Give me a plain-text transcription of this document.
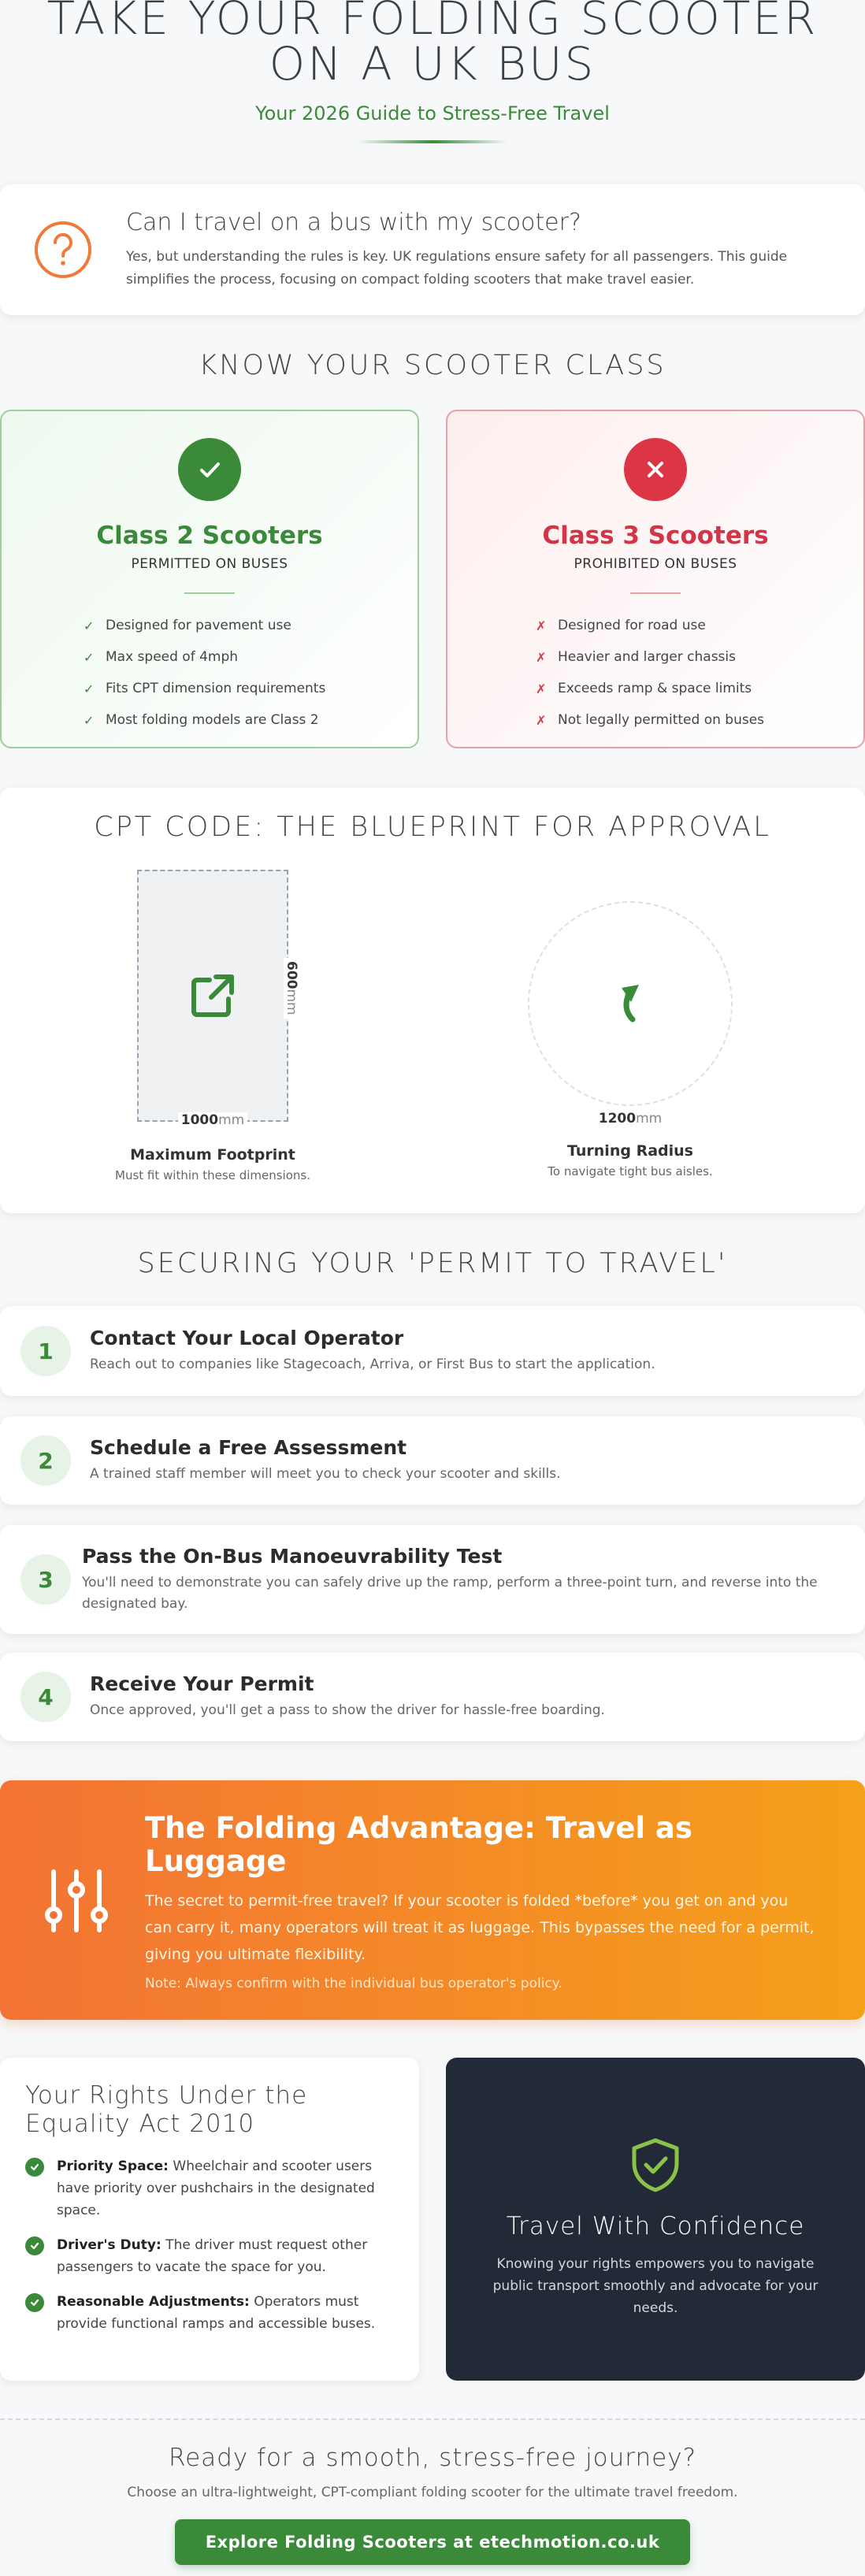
TAKE YOUR FOLDING SCOOTER
ON A UK BUS
Your 2026 Guide to Stress-Free Travel
Can I travel on a bus with my scooter?
Yes, but understanding the rules is key. UK regulations ensure safety for all passengers. This guide simplifies the process, focusing on compact folding scooters that make travel easier.
KNOW YOUR SCOOTER CLASS
Class 2 Scooters
PERMITTED ON BUSES
✓ Designed for pavement use
✓ Max speed of 4mph
✓ Fits CPT dimension requirements
✓ Most folding models are Class 2
Class 3 Scooters
PROHIBITED ON BUSES
✗ Designed for road use
✗ Heavier and larger chassis
✗ Exceeds ramp & space limits
✗ Not legally permitted on buses
CPT CODE: THE BLUEPRINT FOR APPROVAL
1000mm
600mm
Maximum Footprint
Must fit within these dimensions.
1200mm
Turning Radius
To navigate tight bus aisles.
SECURING YOUR 'PERMIT TO TRAVEL'
1	Contact Your Local Operator
Reach out to companies like Stagecoach, Arriva, or First Bus to start the application.
2	Schedule a Free Assessment
A trained staff member will meet you to check your scooter and skills.
3
Pass the On-Bus Manoeuvrability Test
You'll need to demonstrate you can safely drive up the ramp, perform a three-point turn, and reverse into the designated bay.
4	Receive Your Permit
Once approved, you'll get a pass to show the driver for hassle-free boarding.
The Folding Advantage: Travel as Luggage
The secret to permit-free travel? If your scooter is folded *before* you get on and you can carry it, many operators will treat it as luggage. This bypasses the need for a permit, giving you ultimate flexibility.
Note: Always confirm with the individual bus operator's policy.
Your Rights Under the Equality Act 2010
Priority Space: Wheelchair and scooter users have priority over pushchairs in the designated space.
Driver's Duty: The driver must request other passengers to vacate the space for you.
Reasonable Adjustments: Operators must provide functional ramps and accessible buses.
Travel With Confidence
Knowing your rights empowers you to navigate public transport smoothly and advocate for your needs.
Ready for a smooth, stress-free journey?
Choose an ultra-lightweight, CPT-compliant folding scooter for the ultimate travel freedom.
Explore Folding Scooters at etechmotion.co.uk
